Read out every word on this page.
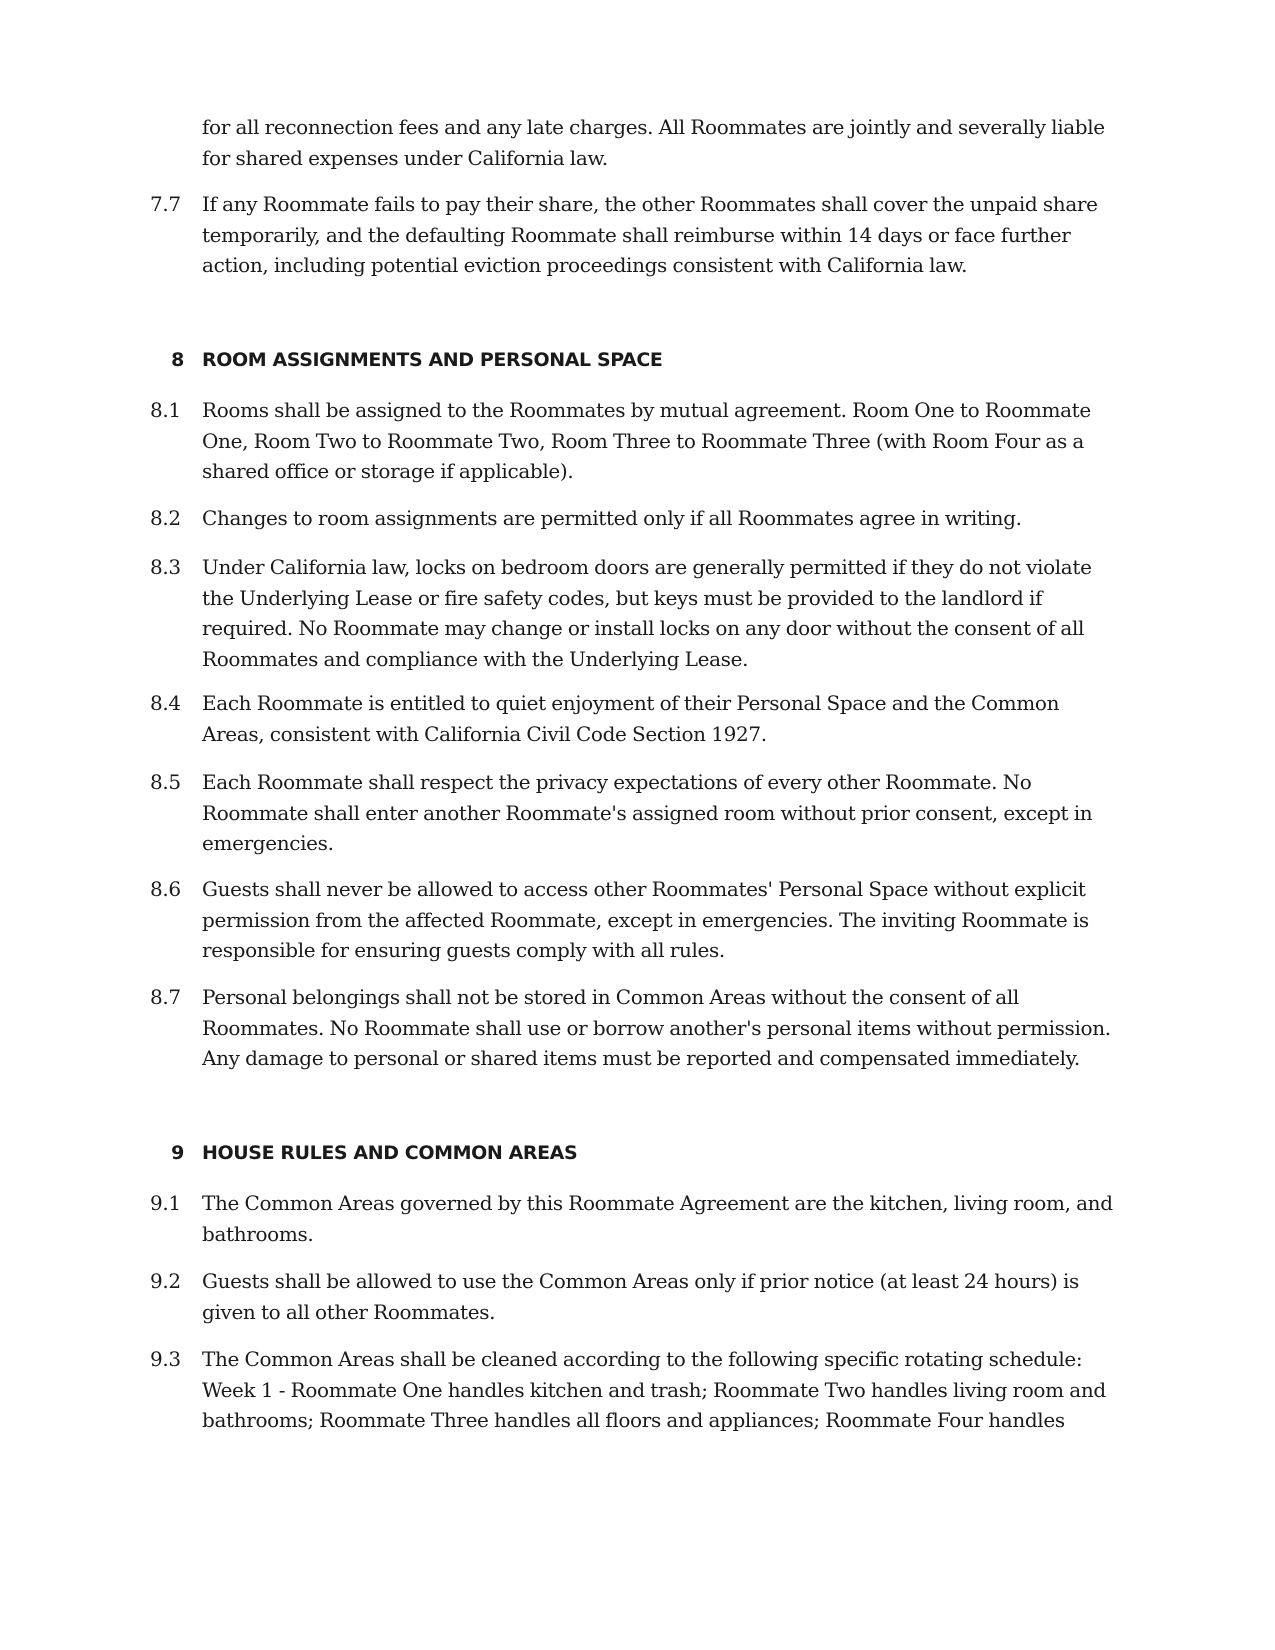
for all reconnection fees and any late charges. All Roommates are jointly and severally liable for shared expenses under California law.
7.7	If any Roommate fails to pay their share, the other Roommates shall cover the unpaid share temporarily, and the defaulting Roommate shall reimburse within 14 days or face further action, including potential eviction proceedings consistent with California law.
8 ROOM ASSIGNMENTS AND PERSONAL SPACE
8.1	Rooms shall be assigned to the Roommates by mutual agreement. Room One to Roommate One, Room Two to Roommate Two, Room Three to Roommate Three (with Room Four as a shared office or storage if applicable).
8.2	Changes to room assignments are permitted only if all Roommates agree in writing.
8.3	Under California law, locks on bedroom doors are generally permitted if they do not violate the Underlying Lease or fire safety codes, but keys must be provided to the landlord if required. No Roommate may change or install locks on any door without the consent of all Roommates and compliance with the Underlying Lease.
8.4	Each Roommate is entitled to quiet enjoyment of their Personal Space and the Common Areas, consistent with California Civil Code Section 1927.
8.5	Each Roommate shall respect the privacy expectations of every other Roommate. No Roommate shall enter another Roommate's assigned room without prior consent, except in emergencies.
8.6	Guests shall never be allowed to access other Roommates' Personal Space without explicit permission from the affected Roommate, except in emergencies. The inviting Roommate is responsible for ensuring guests comply with all rules.
8.7	Personal belongings shall not be stored in Common Areas without the consent of all Roommates. No Roommate shall use or borrow another's personal items without permission. Any damage to personal or shared items must be reported and compensated immediately.
9 HOUSE RULES AND COMMON AREAS
9.1	The Common Areas governed by this Roommate Agreement are the kitchen, living room, and bathrooms.
9.2	Guests shall be allowed to use the Common Areas only if prior notice (at least 24 hours) is given to all other Roommates.
9.3	The Common Areas shall be cleaned according to the following specific rotating schedule: Week 1 - Roommate One handles kitchen and trash; Roommate Two handles living room and bathrooms; Roommate Three handles all floors and appliances; Roommate Four handles
